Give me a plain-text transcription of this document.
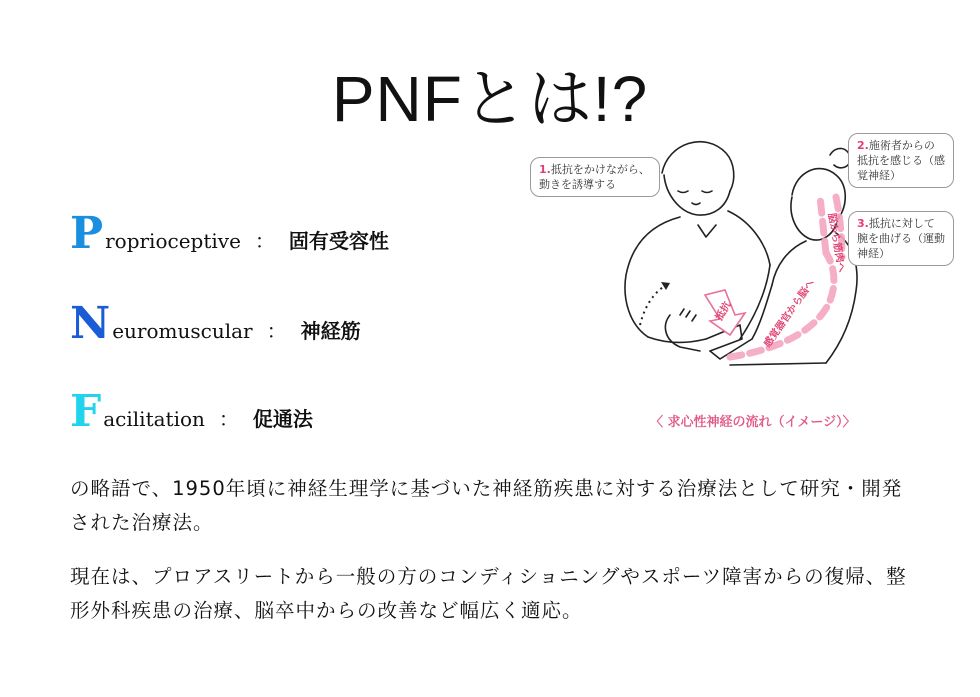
PNFとは!?
P roprioceptive ： 固有受容性
N euromuscular ： 神経筋
F acilitation ： 促通法
の略語で、1950年頃に神経生理学に基づいた神経筋疾患に対する治療法として研究・開発された治療法。
現在は、プロアスリートから一般の方のコンディショニングやスポーツ障害からの復帰、整形外科疾患の治療、脳卒中からの改善など幅広く適応。
1.抵抗をかけながら、動きを誘導する
2.施術者からの抵抗を感じる（感覚神経）
3.抵抗に対して腕を曲げる（運動神経）
抵抗	感覚器官から脳へ
脳から筋肉へ
〈 求心性神経の流れ（イメージ）〉
